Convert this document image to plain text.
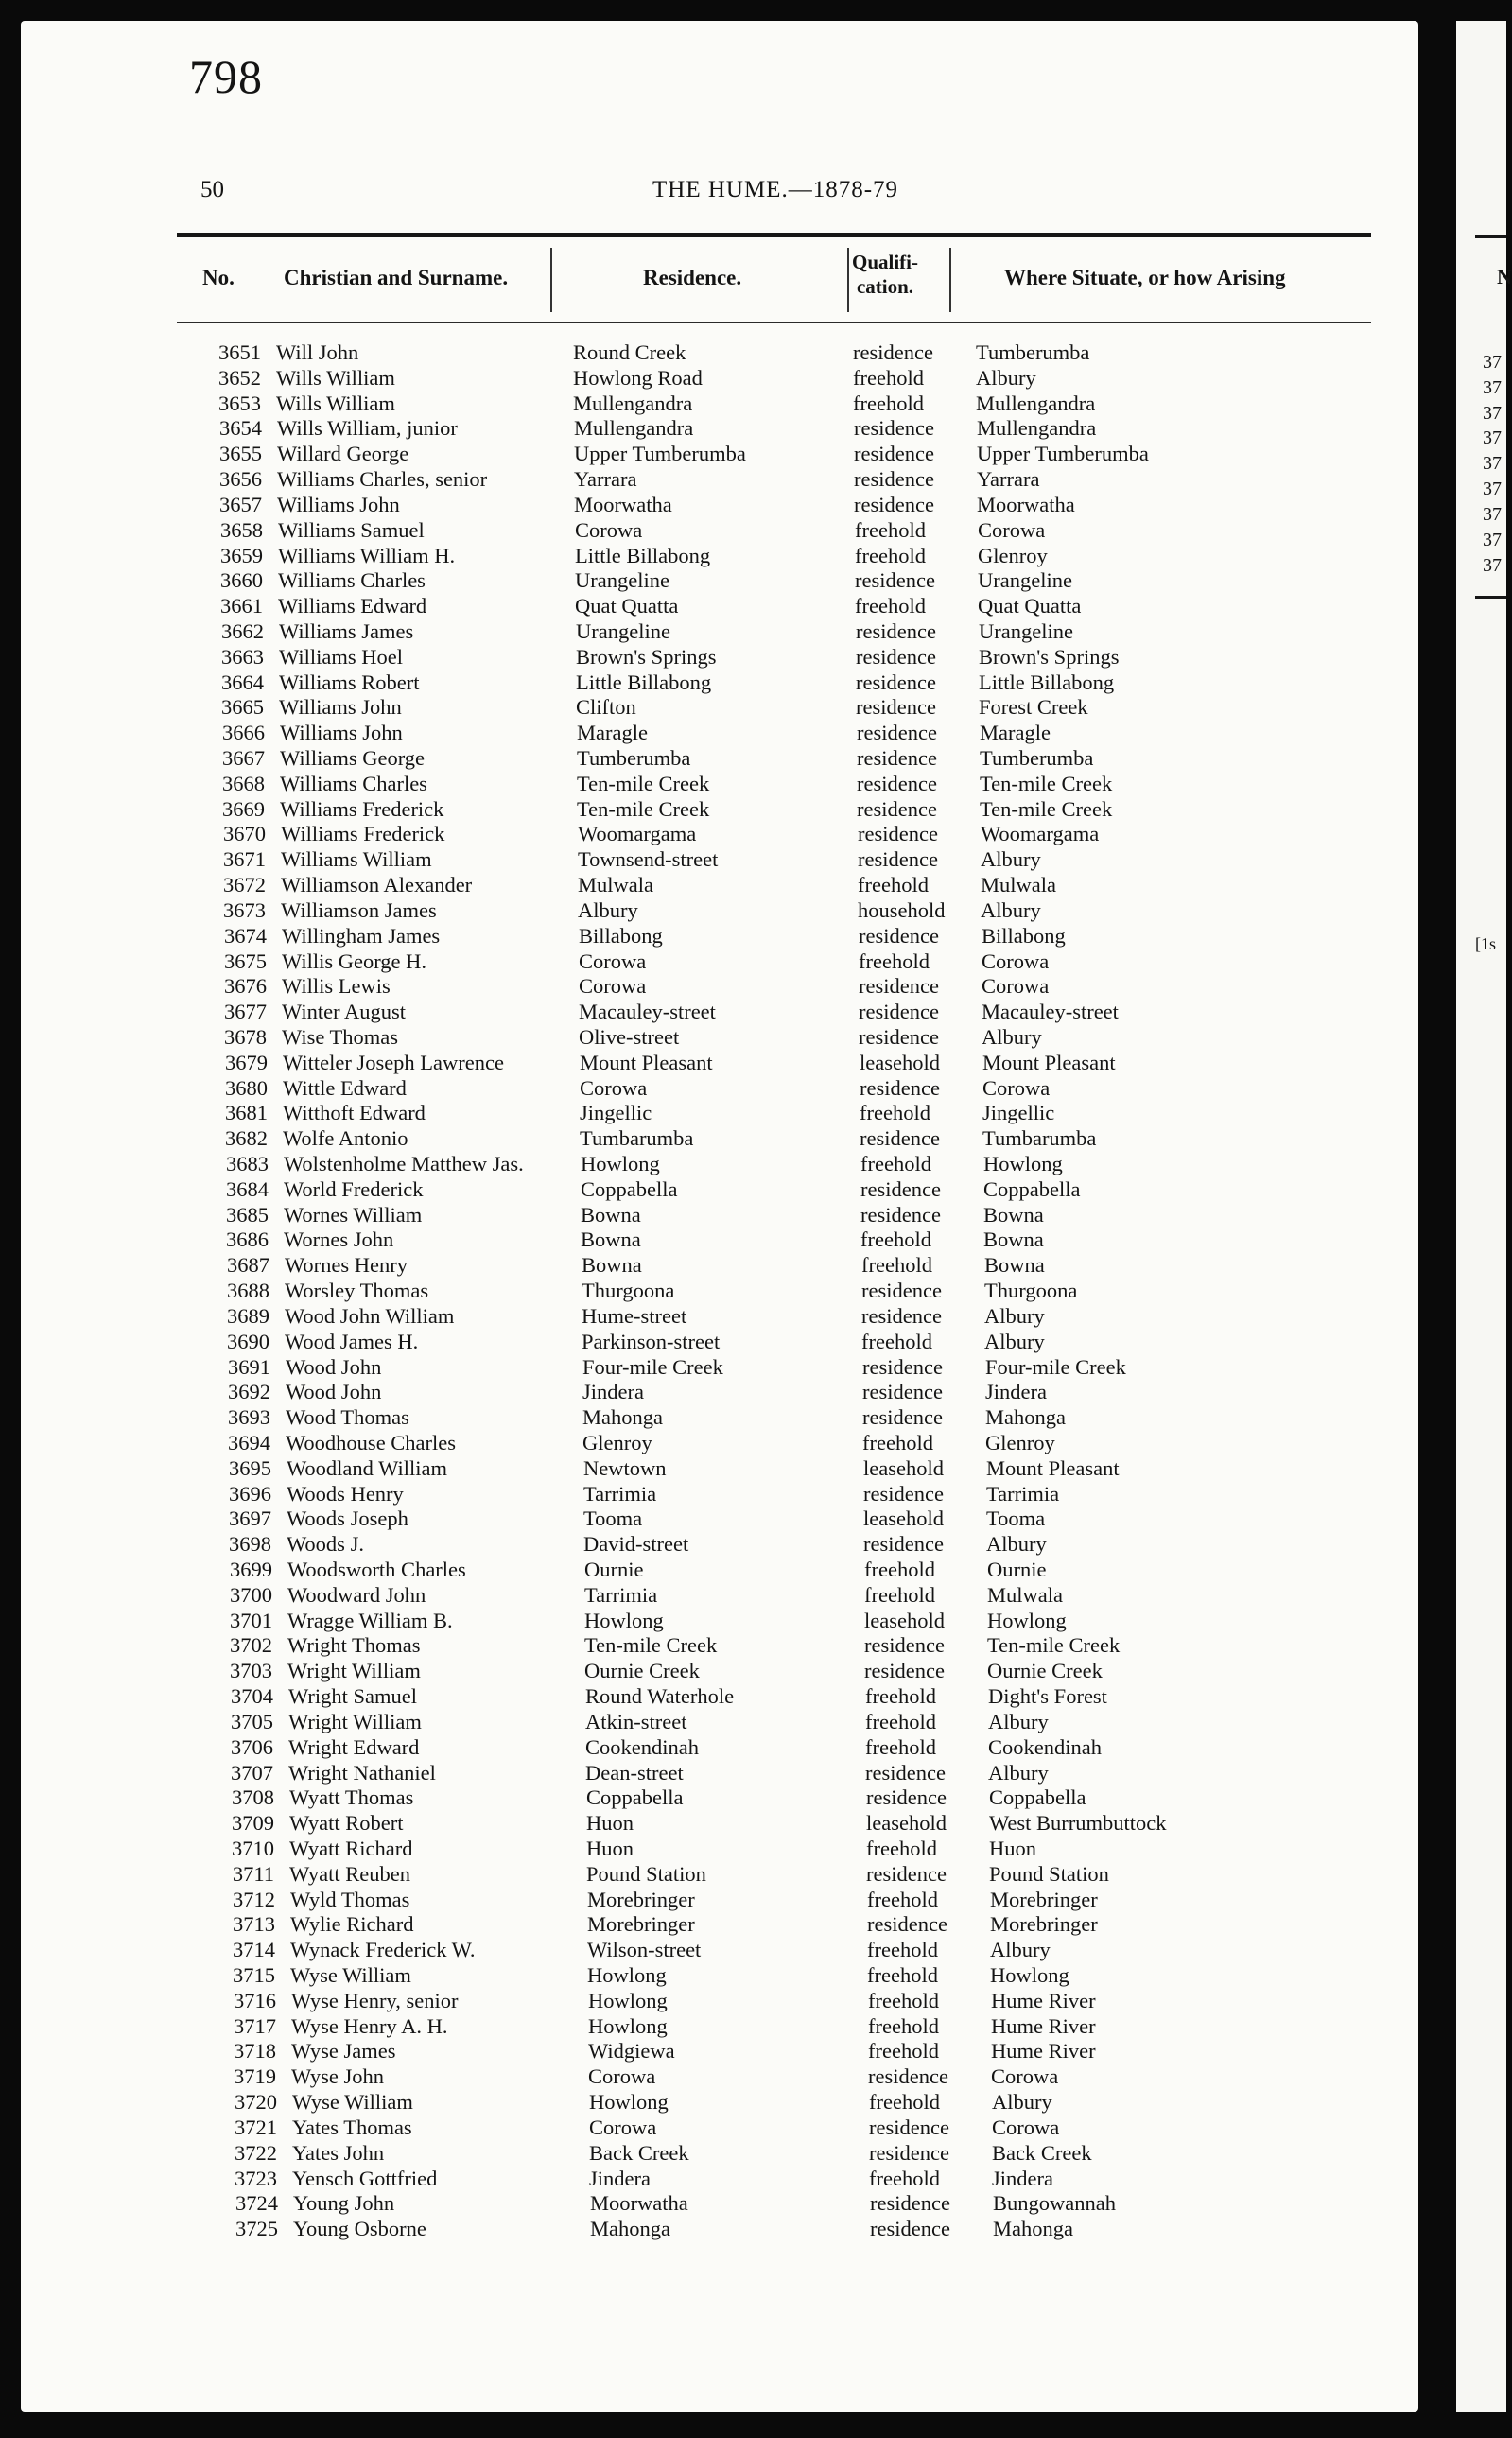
798
50	THE HUME.—1878-79
No. Christian and Surname.	Residence.
Qualifi-
cation.	Where Situate, or how Arising
3651 Will John	Round Creek	residence Tumberumba
3652 Wills William	Howlong Road	freehold Albury
3653 Wills William	Mullengandra	freehold Mullengandra
3654 Wills William, junior	Mullengandra	residence Mullengandra
3655 Willard George	Upper Tumberumba	residence Upper Tumberumba
3656 Williams Charles, senior	Yarrara	residence Yarrara
3657 Williams John	Moorwatha	residence Moorwatha
3658 Williams Samuel	Corowa	freehold Corowa
3659 Williams William H.	Little Billabong	freehold Glenroy
3660 Williams Charles	Urangeline	residence Urangeline
3661 Williams Edward	Quat Quatta	freehold Quat Quatta
3662 Williams James	Urangeline	residence Urangeline
3663 Williams Hoel	Brown's Springs	residence Brown's Springs
3664 Williams Robert	Little Billabong	residence Little Billabong
3665 Williams John	Clifton	residence Forest Creek
3666 Williams John	Maragle	residence Maragle
3667 Williams George	Tumberumba	residence Tumberumba
3668 Williams Charles	Ten-mile Creek	residence Ten-mile Creek
3669 Williams Frederick	Ten-mile Creek	residence Ten-mile Creek
3670 Williams Frederick	Woomargama	residence Woomargama
3671 Williams William	Townsend-street	residence Albury
3672 Williamson Alexander	Mulwala	freehold Mulwala
3673 Williamson James	Albury	household Albury
3674 Willingham James	Billabong	residence Billabong
3675 Willis George H.	Corowa	freehold Corowa
3676 Willis Lewis	Corowa	residence Corowa
3677 Winter August	Macauley-street	residence Macauley-street
3678 Wise Thomas	Olive-street	residence Albury
3679 Witteler Joseph Lawrence	Mount Pleasant	leasehold Mount Pleasant
3680 Wittle Edward	Corowa	residence Corowa
3681 Witthoft Edward	Jingellic	freehold Jingellic
3682 Wolfe Antonio	Tumbarumba	residence Tumbarumba
3683 Wolstenholme Matthew Jas.	Howlong	freehold Howlong
3684 World Frederick	Coppabella	residence Coppabella
3685 Wornes William	Bowna	residence Bowna
3686 Wornes John	Bowna	freehold Bowna
3687 Wornes Henry	Bowna	freehold Bowna
3688 Worsley Thomas	Thurgoona	residence Thurgoona
3689 Wood John William	Hume-street	residence Albury
3690 Wood James H.	Parkinson-street	freehold Albury
3691 Wood John	Four-mile Creek	residence Four-mile Creek
3692 Wood John	Jindera	residence Jindera
3693 Wood Thomas	Mahonga	residence Mahonga
3694 Woodhouse Charles	Glenroy	freehold Glenroy
3695 Woodland William	Newtown	leasehold Mount Pleasant
3696 Woods Henry	Tarrimia	residence Tarrimia
3697 Woods Joseph	Tooma	leasehold Tooma
3698 Woods J.	David-street	residence Albury
3699 Woodsworth Charles	Ournie	freehold Ournie
3700 Woodward John	Tarrimia	freehold Mulwala
3701 Wragge William B.	Howlong	leasehold Howlong
3702 Wright Thomas	Ten-mile Creek	residence Ten-mile Creek
3703 Wright William	Ournie Creek	residence Ournie Creek
3704 Wright Samuel	Round Waterhole	freehold Dight's Forest
3705 Wright William	Atkin-street	freehold Albury
3706 Wright Edward	Cookendinah	freehold Cookendinah
3707 Wright Nathaniel	Dean-street	residence Albury
3708 Wyatt Thomas	Coppabella	residence Coppabella
3709 Wyatt Robert	Huon	leasehold West Burrumbuttock
3710 Wyatt Richard	Huon	freehold Huon
3711 Wyatt Reuben	Pound Station	residence Pound Station
3712 Wyld Thomas	Morebringer	freehold Morebringer
3713 Wylie Richard	Morebringer	residence Morebringer
3714 Wynack Frederick W.	Wilson-street	freehold Albury
3715 Wyse William	Howlong	freehold Howlong
3716 Wyse Henry, senior	Howlong	freehold Hume River
3717 Wyse Henry A. H.	Howlong	freehold Hume River
3718 Wyse James	Widgiewa	freehold Hume River
3719 Wyse John	Corowa	residence Corowa
3720 Wyse William	Howlong	freehold Albury
3721 Yates Thomas	Corowa	residence Corowa
3722 Yates John	Back Creek	residence Back Creek
3723 Yensch Gottfried	Jindera	freehold Jindera
3724 Young John	Moorwatha	residence Bungowannah
3725 Young Osborne	Mahonga	residence Mahonga
N
37
37
37
37
37
37
37
37
37
[1s
